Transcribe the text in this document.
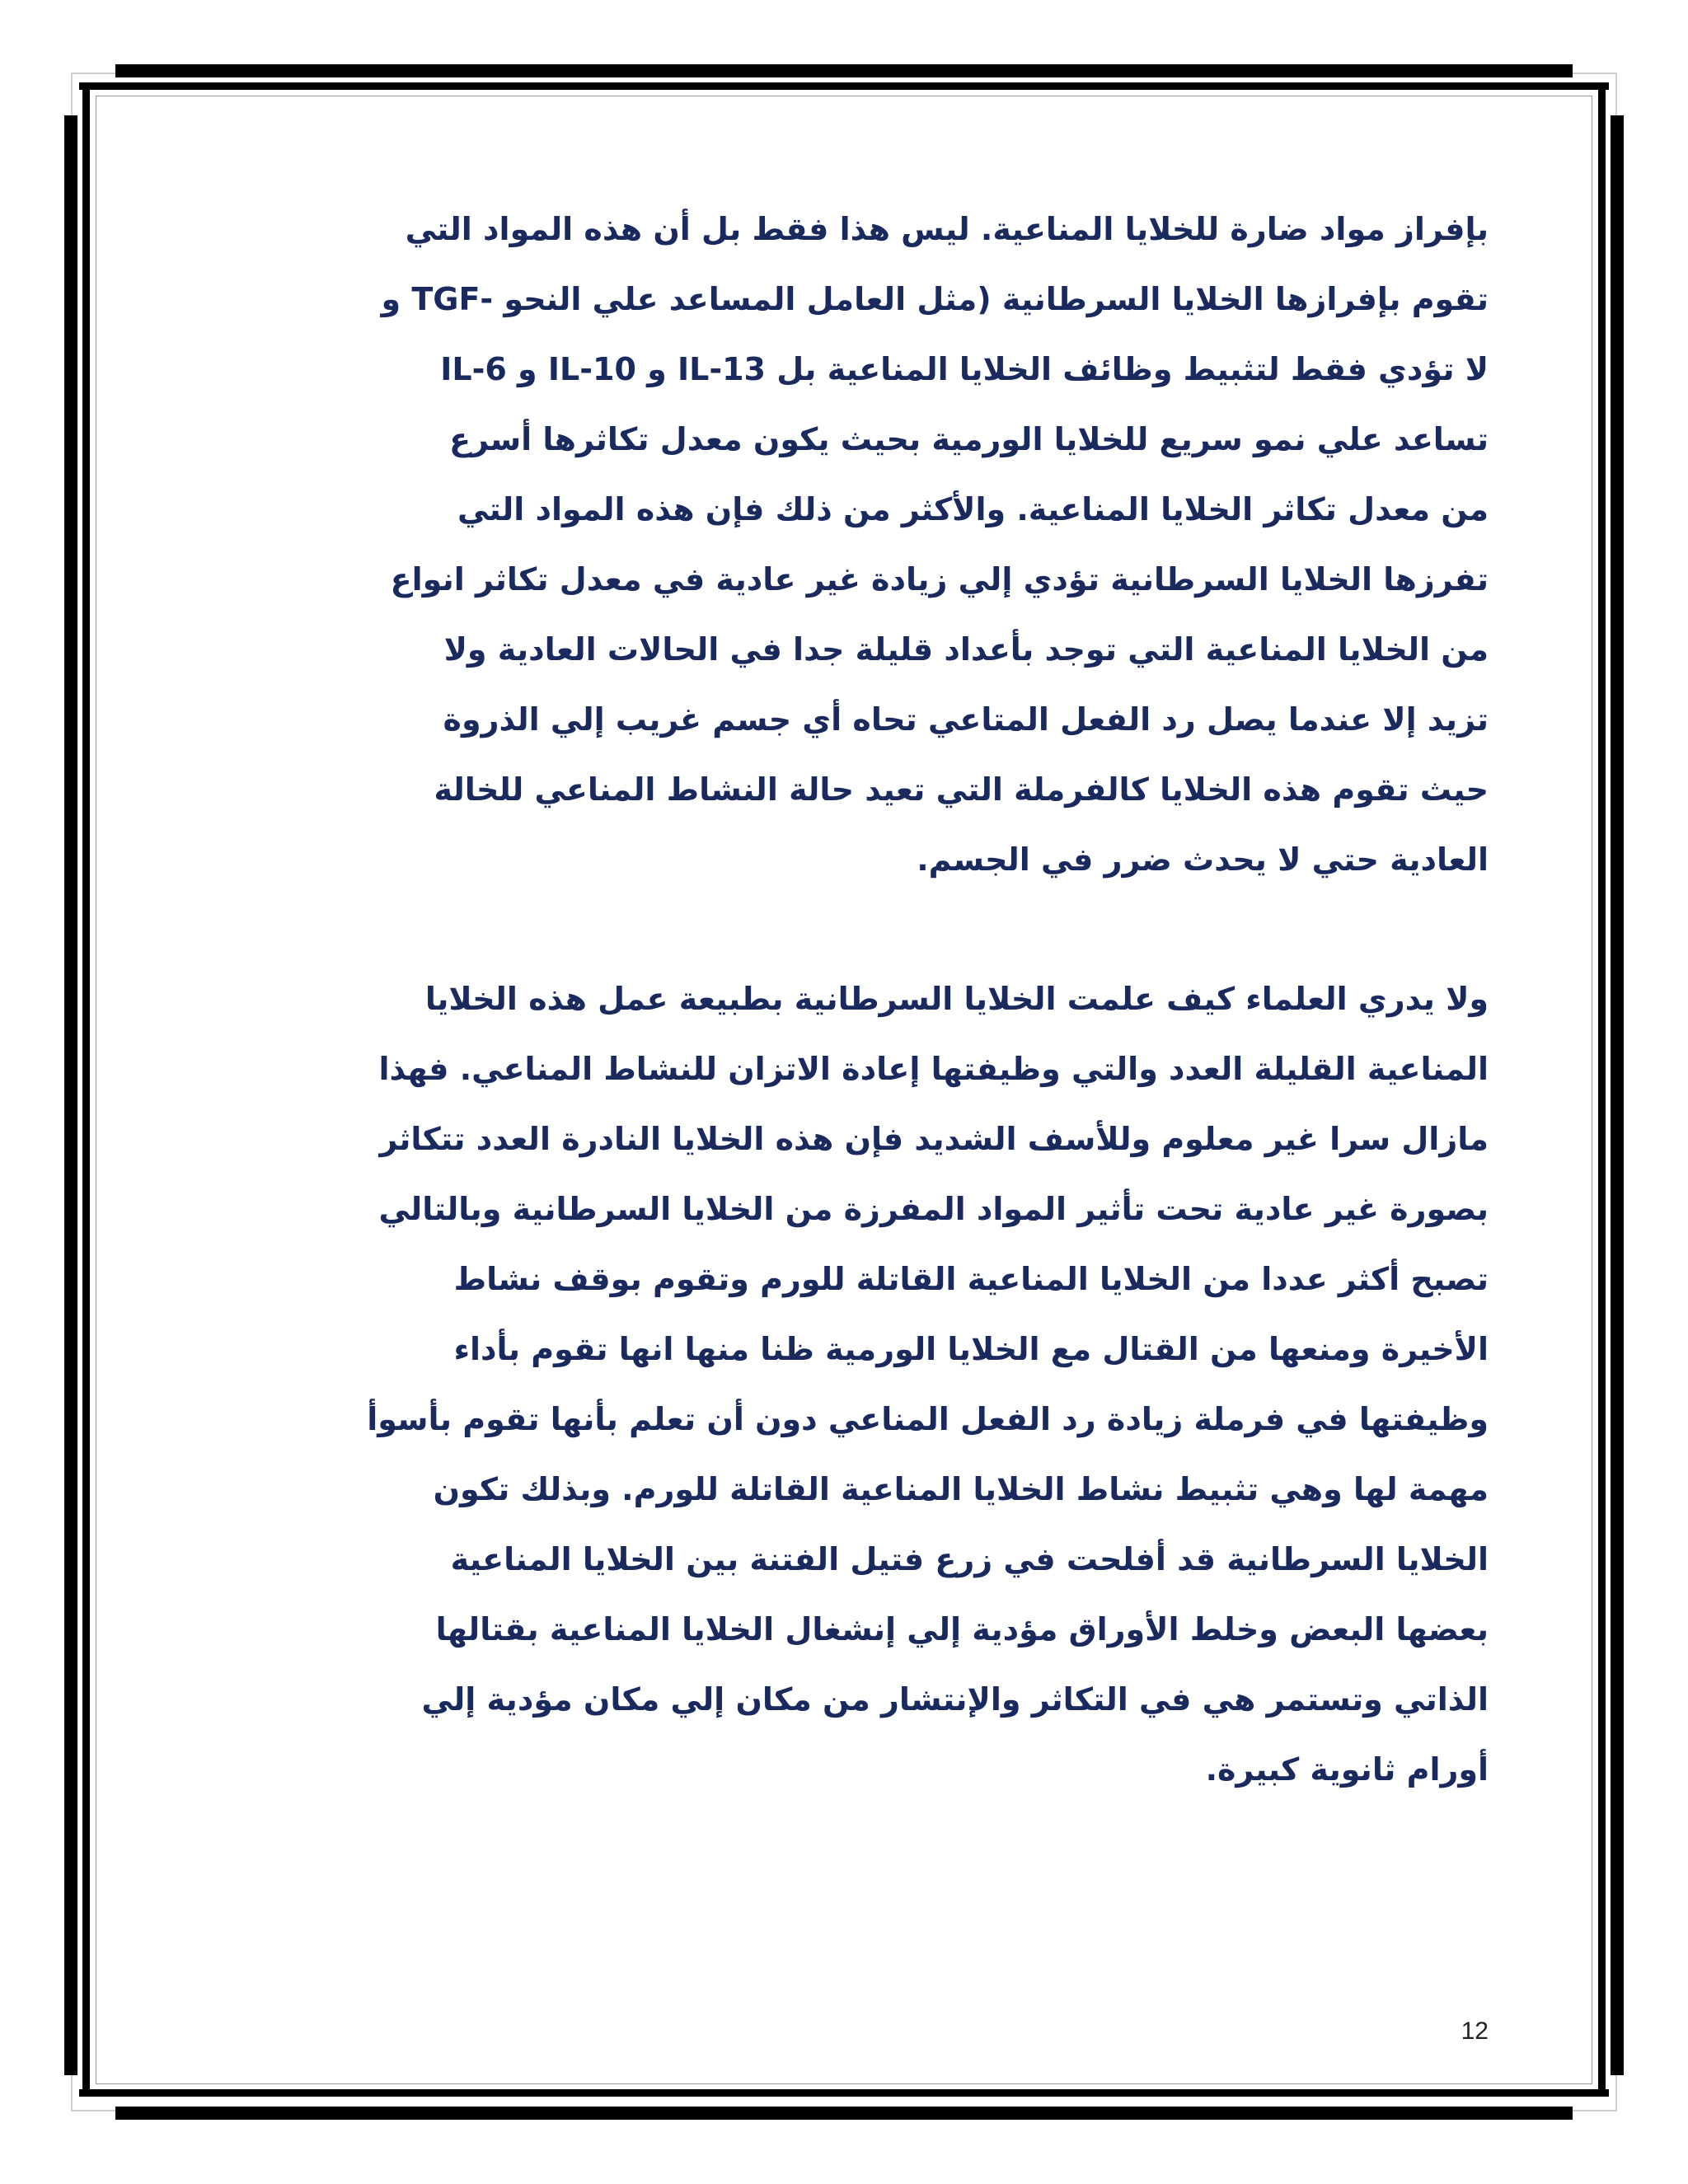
بإفراز مواد ضارة للخلايا المناعية. ليس هذا فقط بل أن هذه المواد التي
تقوم بإفرازها الخلايا السرطانية (مثل العامل المساعد علي النحو -TGF و
IL-6 و IL-10 و IL-13 لا تؤدي فقط لتثبيط وظائف الخلايا المناعية بل
تساعد علي نمو سريع للخلايا الورمية بحيث يكون معدل تكاثرها أسرع
من معدل تكاثر الخلايا المناعية. والأكثر من ذلك فإن هذه المواد التي
تفرزها الخلايا السرطانية تؤدي إلي زيادة غير عادية في معدل تكاثر انواع
من الخلايا المناعية التي توجد بأعداد قليلة جدا في الحالات العادية ولا
تزيد إلا عندما يصل رد الفعل المتاعي تحاه أي جسم غريب إلي الذروة
حيث تقوم هذه الخلايا كالفرملة التي تعيد حالة النشاط المناعي للخالة
العادية حتي لا يحدث ضرر في الجسم.
ولا يدري العلماء كيف علمت الخلايا السرطانية بطبيعة عمل هذه الخلايا
المناعية القليلة العدد والتي وظيفتها إعادة الاتزان للنشاط المناعي. فهذا
مازال سرا غير معلوم وللأسف الشديد فإن هذه الخلايا النادرة العدد تتكاثر
بصورة غير عادية تحت تأثير المواد المفرزة من الخلايا السرطانية وبالتالي
تصبح أكثر عددا من الخلايا المناعية القاتلة للورم وتقوم بوقف نشاط
الأخيرة ومنعها من القتال مع الخلايا الورمية ظنا منها انها تقوم بأداء
وظيفتها في فرملة زيادة رد الفعل المناعي دون أن تعلم بأنها تقوم بأسوأ
مهمة لها وهي تثبيط نشاط الخلايا المناعية القاتلة للورم. وبذلك تكون
الخلايا السرطانية قد أفلحت في زرع فتيل الفتنة بين الخلايا المناعية
بعضها البعض وخلط الأوراق مؤدية إلي إنشغال الخلايا المناعية بقتالها
الذاتي وتستمر هي في التكاثر والإنتشار من مكان إلي مكان مؤدية إلي
أورام ثانوية كبيرة.
12
